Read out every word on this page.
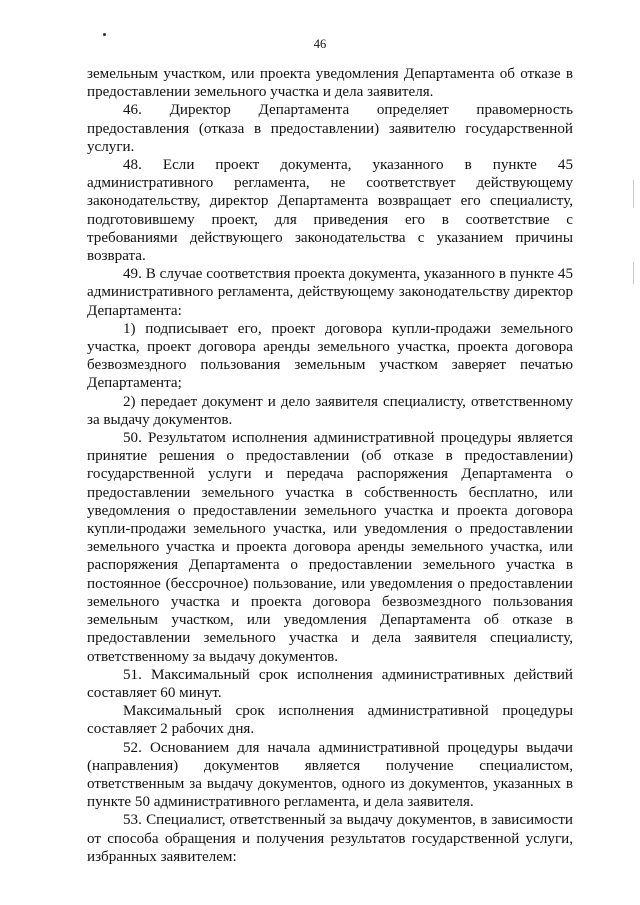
46

земельным участком, или проекта уведомления Департамента об отказе в предоставлении земельного участка и дела заявителя.

46. Директор Департамента определяет правомерность предоставления (отказа в предоставлении) заявителю государственной услуги.

48. Если проект документа, указанного в пункте 45 административного регламента, не соответствует действующему законодательству, директор Департамента возвращает его специалисту, подготовившему проект, для приведения его в соответствие с требованиями действующего законодательства с указанием причины возврата.

49. В случае соответствия проекта документа, указанного в пункте 45 административного регламента, действующему законодательству директор Департамента:

1) подписывает его, проект договора купли-продажи земельного участка, проект договора аренды земельного участка, проекта договора безвозмездного пользования земельным участком заверяет печатью Департамента;

2) передает документ и дело заявителя специалисту, ответственному за выдачу документов.

50. Результатом исполнения административной процедуры является принятие решения о предоставлении (об отказе в предоставлении) государственной услуги и передача распоряжения Департамента о предоставлении земельного участка в собственность бесплатно, или уведомления о предоставлении земельного участка и проекта договора купли-продажи земельного участка, или уведомления о предоставлении земельного участка и проекта договора аренды земельного участка, или распоряжения Департамента о предоставлении земельного участка в постоянное (бессрочное) пользование, или уведомления о предоставлении земельного участка и проекта договора безвозмездного пользования земельным участком, или уведомления Департамента об отказе в предоставлении земельного участка и дела заявителя специалисту, ответственному за выдачу документов.

51. Максимальный срок исполнения административных действий составляет 60 минут.

Максимальный срок исполнения административной процедуры составляет 2 рабочих дня.

52. Основанием для начала административной процедуры выдачи (направления) документов является получение специалистом, ответственным за выдачу документов, одного из документов, указанных в пункте 50 административного регламента, и дела заявителя.

53. Специалист, ответственный за выдачу документов, в зависимости от способа обращения и получения результатов государственной услуги, избранных заявителем:
